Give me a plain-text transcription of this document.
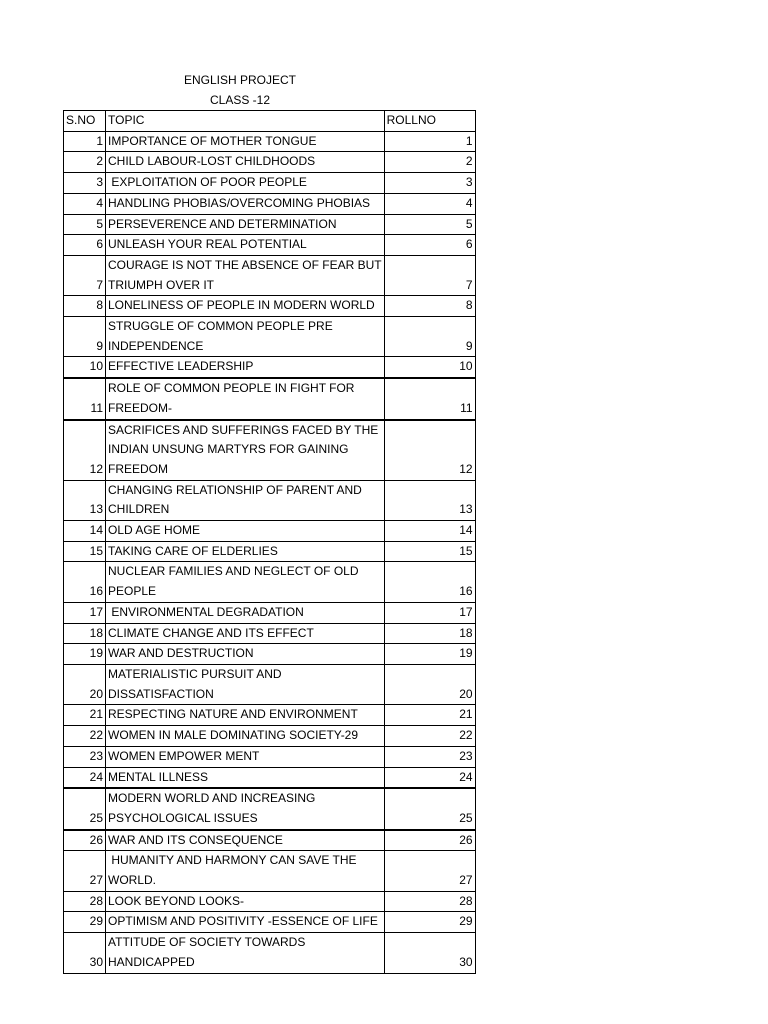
ENGLISH PROJECT
CLASS -12
S.NO	TOPIC	ROLLNO
1	IMPORTANCE OF MOTHER TONGUE	1
2	CHILD LABOUR-LOST CHILDHOODS	2
3	EXPLOITATION OF POOR PEOPLE	3
4	HANDLING PHOBIAS/OVERCOMING PHOBIAS	4
5	PERSEVERENCE AND DETERMINATION	5
6	UNLEASH YOUR REAL POTENTIAL	6
7	COURAGE IS NOT THE ABSENCE OF FEAR BUT
TRIUMPH OVER IT	7
8	LONELINESS OF PEOPLE IN MODERN WORLD	8
9	STRUGGLE OF COMMON PEOPLE PRE
INDEPENDENCE	9
10	EFFECTIVE LEADERSHIP	10
11	ROLE OF COMMON PEOPLE IN FIGHT FOR
FREEDOM-	11
12	SACRIFICES AND SUFFERINGS FACED BY THE
INDIAN UNSUNG MARTYRS FOR GAINING
FREEDOM	12
13	CHANGING RELATIONSHIP OF PARENT AND
CHILDREN	13
14	OLD AGE HOME	14
15	TAKING CARE OF ELDERLIES	15
16	NUCLEAR FAMILIES AND NEGLECT OF OLD
PEOPLE	16
17	ENVIRONMENTAL DEGRADATION	17
18	CLIMATE CHANGE AND ITS EFFECT	18
19	WAR AND DESTRUCTION	19
20	MATERIALISTIC PURSUIT AND
DISSATISFACTION	20
21	RESPECTING NATURE AND ENVIRONMENT	21
22	WOMEN IN MALE DOMINATING SOCIETY-29	22
23	WOMEN EMPOWER MENT	23
24	MENTAL ILLNESS	24
25	MODERN WORLD AND INCREASING
PSYCHOLOGICAL ISSUES	25
26	WAR AND ITS CONSEQUENCE	26
27	HUMANITY AND HARMONY CAN SAVE THE
WORLD.	27
28	LOOK BEYOND LOOKS-	28
29	OPTIMISM AND POSITIVITY -ESSENCE OF LIFE	29
30	ATTITUDE OF SOCIETY TOWARDS
HANDICAPPED	30
